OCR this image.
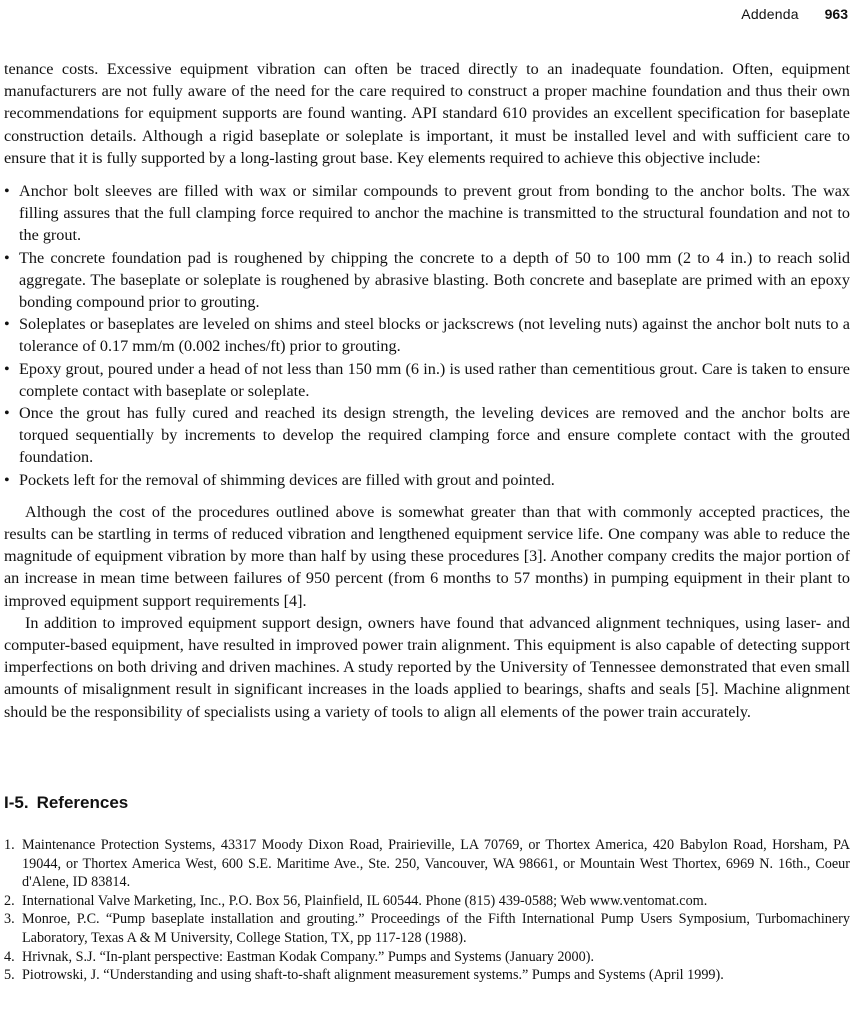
Addenda 963

tenance costs. Excessive equipment vibration can often be traced directly to an inadequate foundation. Often, equipment manufacturers are not fully aware of the need for the care required to construct a proper machine foundation and thus their own recommendations for equipment supports are found wanting. API standard 610 provides an excellent specification for baseplate construction details. Although a rigid baseplate or soleplate is important, it must be installed level and with sufficient care to ensure that it is fully supported by a long-lasting grout base. Key elements required to achieve this objective include:

• Anchor bolt sleeves are filled with wax or similar compounds to prevent grout from bonding to the anchor bolts. The wax filling assures that the full clamping force required to anchor the machine is transmitted to the structural foundation and not to the grout.
• The concrete foundation pad is roughened by chipping the concrete to a depth of 50 to 100 mm (2 to 4 in.) to reach solid aggregate. The baseplate or soleplate is roughened by abrasive blasting. Both concrete and baseplate are primed with an epoxy bonding compound prior to grouting.
• Soleplates or baseplates are leveled on shims and steel blocks or jackscrews (not leveling nuts) against the anchor bolt nuts to a tolerance of 0.17 mm/m (0.002 inches/ft) prior to grouting.
• Epoxy grout, poured under a head of not less than 150 mm (6 in.) is used rather than cementitious grout. Care is taken to ensure complete contact with baseplate or soleplate.
• Once the grout has fully cured and reached its design strength, the leveling devices are removed and the anchor bolts are torqued sequentially by increments to develop the required clamping force and ensure complete contact with the grouted foundation.
• Pockets left for the removal of shimming devices are filled with grout and pointed.

Although the cost of the procedures outlined above is somewhat greater than that with commonly accepted practices, the results can be startling in terms of reduced vibration and lengthened equipment service life. One company was able to reduce the magnitude of equipment vibration by more than half by using these procedures [3]. Another company credits the major portion of an increase in mean time between failures of 950 percent (from 6 months to 57 months) in pumping equipment in their plant to improved equipment support requirements [4].

In addition to improved equipment support design, owners have found that advanced alignment techniques, using laser- and computer-based equipment, have resulted in improved power train alignment. This equipment is also capable of detecting support imperfections on both driving and driven machines. A study reported by the University of Tennessee demonstrated that even small amounts of misalignment result in significant increases in the loads applied to bearings, shafts and seals [5]. Machine alignment should be the responsibility of specialists using a variety of tools to align all elements of the power train accurately.

I-5. References
1. Maintenance Protection Systems, 43317 Moody Dixon Road, Prairieville, LA 70769, or Thortex America, 420 Babylon Road, Horsham, PA 19044, or Thortex America West, 600 S.E. Maritime Ave., Ste. 250, Vancouver, WA 98661, or Mountain West Thortex, 6969 N. 16th., Coeur d'Alene, ID 83814.
2. International Valve Marketing, Inc., P.O. Box 56, Plainfield, IL 60544. Phone (815) 439-0588; Web www.ventomat.com.
3. Monroe, P.C. “Pump baseplate installation and grouting.” Proceedings of the Fifth International Pump Users Symposium, Turbomachinery Laboratory, Texas A & M University, College Station, TX, pp 117-128 (1988).
4. Hrivnak, S.J. “In-plant perspective: Eastman Kodak Company.” Pumps and Systems (January 2000).
5. Piotrowski, J. “Understanding and using shaft-to-shaft alignment measurement systems.” Pumps and Systems (April 1999).
